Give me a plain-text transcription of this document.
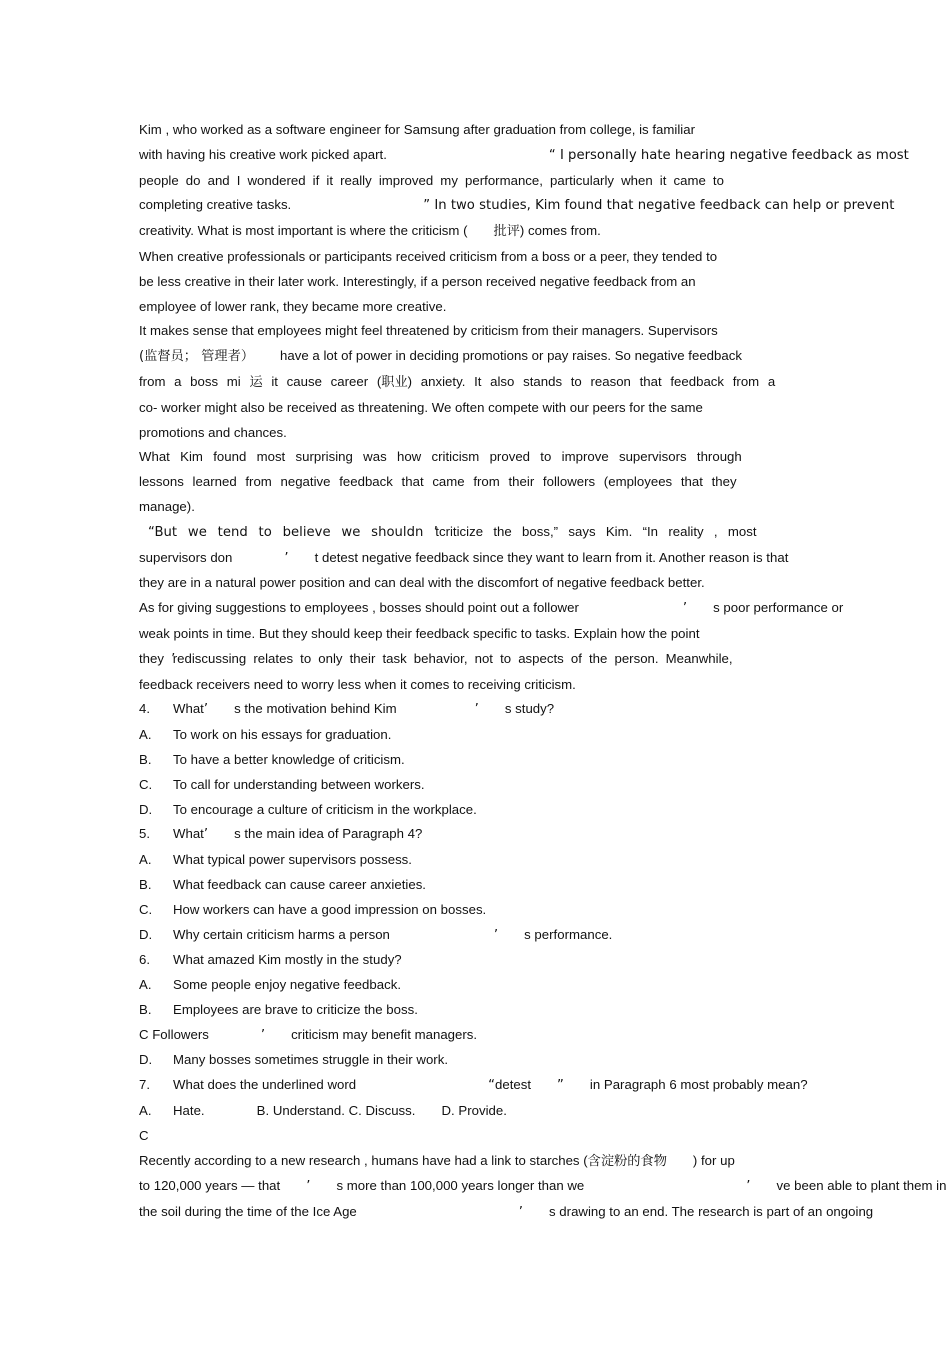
Kim , who worked as a software engineer for Samsung after graduation from college, is familiar
with having his creative work picked apart.	“ I personally hate hearing negative feedback as most
people do and I wondered if it really improved my performance, particularly when it came to
completing creative tasks.	” In two studies, Kim found that negative feedback can help or prevent
creativity. What is most important is where the criticism ( 批评) comes from.
When creative professionals or participants received criticism from a boss or a peer, they tended to
be less creative in their later work. Interestingly, if a person received negative feedback from an
employee of lower rank, they became more creative.
It makes sense that employees might feel threatened by criticism from their managers. Supervisors
(监督员； 管理者） have a lot of power in deciding promotions or pay raises. So negative feedback
from a boss mi 运 it cause career (职业) anxiety. It also stands to reason that feedback from a
co- worker might also be received as threatening. We often compete with our peers for the same
promotions and chances.
What Kim found most surprising was how criticism proved to improve supervisors through
lessons learned from negative feedback that came from their followers (employees that they
manage).
“But we tend to believe we shouldn ’tcriticize the boss,” says Kim. “In reality , most
supervisors don	’ t detest negative feedback since they want to learn from it. Another reason is that
they are in a natural power position and can deal with the discomfort of negative feedback better.
As for giving suggestions to employees , bosses should point out a follower	’ s poor performance or
weak points in time. But they should keep their feedback specific to tasks. Explain how the point
they ’rediscussing relates to only their task behavior, not to aspects of the person. Meanwhile,
feedback receivers need to worry less when it comes to receiving criticism.
4. What’ s the motivation behind Kim	’ s study?
A. To work on his essays for graduation.
B. To have a better knowledge of criticism.
C. To call for understanding between workers.
D. To encourage a culture of criticism in the workplace.
5. What’ s the main idea of Paragraph 4?
A. What typical power supervisors possess.
B. What feedback can cause career anxieties.
C. How workers can have a good impression on bosses.
D. Why certain criticism harms a person	’ s performance.
6. What amazed Kim mostly in the study?
A. Some people enjoy negative feedback.
B. Employees are brave to criticize the boss.
C Followers	’ criticism may benefit managers.
D. Many bosses sometimes struggle in their work.
7. What does the underlined word	“detest ” in Paragraph 6 most probably mean?
A. Hate.	B. Understand. C. Discuss. D. Provide.
C
Recently according to a new research , humans have had a link to starches (含淀粉的食物 ) for up
to 120,000 years — that ’ s more than 100,000 years longer than we	’ ve been able to plant them in
the soil during the time of the Ice Age	’ s drawing to an end. The research is part of an ongoing
